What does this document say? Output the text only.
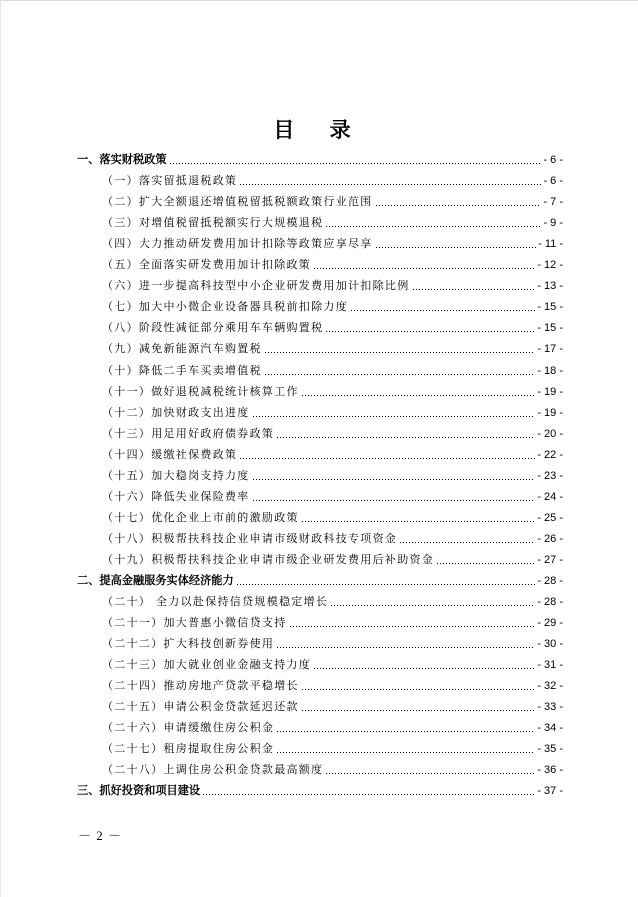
目 录
一、落实财税政策	- 6 -
（一）落实留抵退税政策	- 6 -
（二）扩大全额退还增值税留抵税额政策行业范围	- 7 -
（三）对增值税留抵税额实行大规模退税	- 9 -
（四）大力推动研发费用加计扣除等政策应享尽享	- 11 -
（五）全面落实研发费用加计扣除政策	- 12 -
（六）进一步提高科技型中小企业研发费用加计扣除比例	- 13 -
（七）加大中小微企业设备器具税前扣除力度	- 15 -
（八）阶段性减征部分乘用车车辆购置税	- 15 -
（九）减免新能源汽车购置税	- 17 -
（十）降低二手车买卖增值税	- 18 -
（十一）做好退税减税统计核算工作	- 19 -
（十二）加快财政支出进度	- 19 -
（十三）用足用好政府债券政策	- 20 -
（十四）缓缴社保费政策	- 22 -
（十五）加大稳岗支持力度	- 23 -
（十六）降低失业保险费率	- 24 -
（十七）优化企业上市前的激励政策	- 25 -
（十八）积极帮扶科技企业申请市级财政科技专项资金	- 26 -
（十九）积极帮扶科技企业申请市级企业研发费用后补助资金	- 27 -
二、提高金融服务实体经济能力	- 28 -
（二十） 全力以赴保持信贷规模稳定增长	- 28 -
（二十一）加大普惠小微信贷支持	- 29 -
（二十二）扩大科技创新券使用	- 30 -
（二十三）加大就业创业金融支持力度	- 31 -
（二十四）推动房地产贷款平稳增长	- 32 -
（二十五）申请公积金贷款延迟还款	- 33 -
（二十六）申请缓缴住房公积金	- 34 -
（二十七）租房提取住房公积金	- 35 -
（二十八）上调住房公积金贷款最高额度	- 36 -
三、抓好投资和项目建设	- 37 -
－ 2 －
